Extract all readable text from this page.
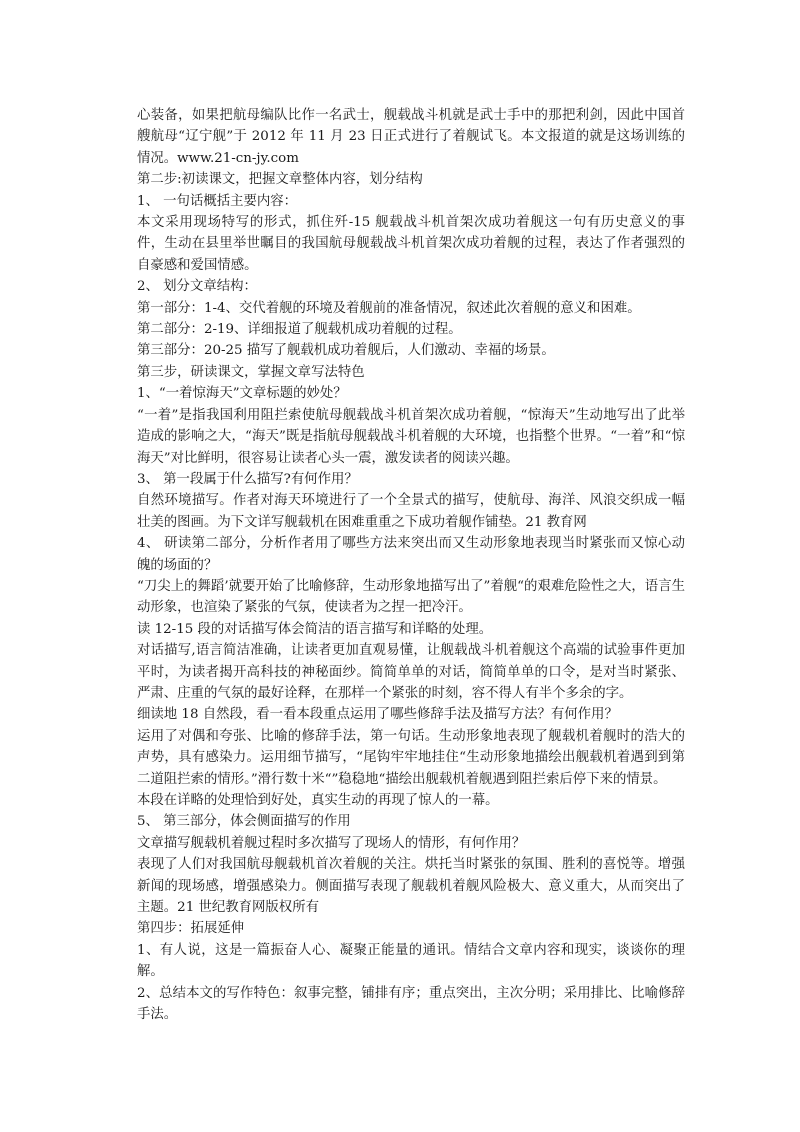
心装备，如果把航母编队比作一名武士，舰载战斗机就是武士手中的那把利剑，因此中国首艘航母“辽宁舰”于 2012 年 11 月 23 日正式进行了着舰试飞。本文报道的就是这场训练的情况。www.21-cn-jy.com

第二步:初读课文，把握文章整体内容，划分结构

1、 一句话概括主要内容：

本文采用现场特写的形式，抓住歼-15 舰载战斗机首架次成功着舰这一句有历史意义的事件，生动在县里举世瞩目的我国航母舰载战斗机首架次成功着舰的过程，表达了作者强烈的自豪感和爱国情感。

2、 划分文章结构：

第一部分：1-4、交代着舰的环境及着舰前的准备情况，叙述此次着舰的意义和困难。

第二部分：2-19、详细报道了舰载机成功着舰的过程。

第三部分：20-25 描写了舰载机成功着舰后，人们激动、幸福的场景。

第三步，研读课文，掌握文章写法特色

1、“一着惊海天”文章标题的妙处？

“一着”是指我国利用阻拦索使航母舰载战斗机首架次成功着舰，“惊海天”生动地写出了此举造成的影响之大，“海天”既是指航母舰载战斗机着舰的大环境，也指整个世界。“一着”和“惊海天”对比鲜明，很容易让读者心头一震，激发读者的阅读兴趣。

3、 第一段属于什么描写?有何作用？

自然环境描写。作者对海天环境进行了一个全景式的描写，使航母、海洋、风浪交织成一幅壮美的图画。为下文详写舰载机在困难重重之下成功着舰作铺垫。21 教育网

4、 研读第二部分，分析作者用了哪些方法来突出而又生动形象地表现当时紧张而又惊心动魄的场面的？

“刀尖上的舞蹈’就要开始了比喻修辞，生动形象地描写出了”着舰“的艰难危险性之大，语言生动形象，也渲染了紧张的气氛，使读者为之捏一把冷汗。

读 12-15 段的对话描写体会简洁的语言描写和详略的处理。

对话描写,语言简洁准确，让读者更加直观易懂，让舰载战斗机着舰这个高端的试验事件更加平时，为读者揭开高科技的神秘面纱。简简单单的对话，简简单单的口令，是对当时紧张、严肃、庄重的气氛的最好诠释，在那样一个紧张的时刻，容不得人有半个多余的字。

细读地 18 自然段，看一看本段重点运用了哪些修辞手法及描写方法？有何作用？

运用了对偶和夸张、比喻的修辞手法，第一句话。生动形象地表现了舰载机着舰时的浩大的声势，具有感染力。运用细节描写，“尾钩牢牢地挂住“生动形象地描绘出舰载机着遇到到第二道阻拦索的情形。”滑行数十米“”稳稳地“描绘出舰载机着舰遇到阻拦索后停下来的情景。

本段在详略的处理恰到好处，真实生动的再现了惊人的一幕。

5、 第三部分，体会侧面描写的作用

文章描写舰载机着舰过程时多次描写了现场人的情形，有何作用？

表现了人们对我国航母舰载机首次着舰的关注。烘托当时紧张的氛围、胜利的喜悦等。增强新闻的现场感，增强感染力。侧面描写表现了舰载机着舰风险极大、意义重大，从而突出了主题。21 世纪教育网版权所有

第四步：拓展延伸

1、有人说，这是一篇振奋人心、凝聚正能量的通讯。情结合文章内容和现实，谈谈你的理解。

2、总结本文的写作特色：叙事完整，铺排有序；重点突出，主次分明；采用排比、比喻修辞手法。
